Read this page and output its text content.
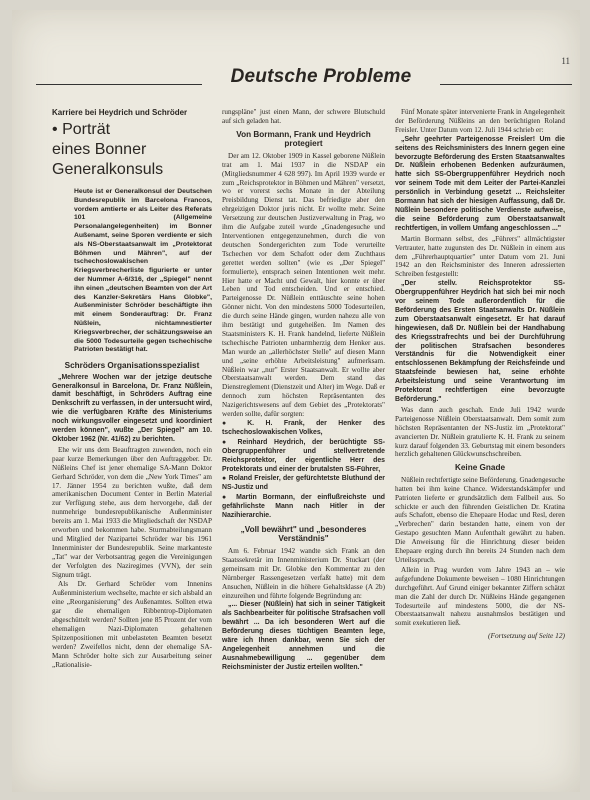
11
Deutsche Probleme
Karriere bei Heydrich und Schröder
• Porträt
eines Bonner
Generalkonsuls
Heute ist er Generalkonsul der Deutschen Bundesrepublik im Barcelona Francos, vordem amtierte er als Leiter des Referats 101 (Allgemeine Personalangelegenheiten) im Bonner Außenamt, seine Sporen verdiente er sich als NS-Oberstaatsanwalt im „Protektorat Böhmen und Mähren", auf der tschechoslowakischen Kriegsverbrecherliste figurierte er unter der Nummer A-6/316, der „Spiegel" nennt ihn einen „deutschen Beamten von der Art des Kanzler-Sekretärs Hans Globke", Außenminister Schröder beschäftigte ihn mit einem Sonderauftrag: Dr. Franz Nüßlein, nichtamnestierter Kriegsverbrecher, der schätzungsweise an die 5000 Todesurteile gegen tschechische Patrioten bestätigt hat.
Schröders Organisationsspezialist

„Mehrere Wochen war der jetzige deutsche Generalkonsul in Barcelona, Dr. Franz Nüßlein, damit beschäftigt, in Schröders Auftrag eine Denkschrift zu verfassen, in der untersucht wird, wie die verfügbaren Kräfte des Ministeriums noch wirkungsvoller eingesetzt und koordiniert werden können", wußte „Der Spiegel" am 10. Oktober 1962 (Nr. 41/62) zu berichten.

Ehe wir uns dem Beauftragten zuwenden, noch ein paar kurze Bemerkungen über den Auftraggeber. Dr. Nüßleins Chef ist jener ehemalige SA-Mann Doktor Gerhard Schröder, von dem die „New York Times" am 17. Jänner 1954 zu berichten wußte, daß dem amerikanischen Document Center in Berlin Material zur Verfügung stehe, aus dem hervorgehe, daß der nunmehrige bundesrepublikanische Außenminister bereits am 1. Mai 1933 die Mitgliedschaft der NSDAP erworben und bekommen habe. Sturmabteilungsmann und Mitglied der Nazipartei Schröder war bis 1961 Innenminister der Bundesrepublik. Seine markanteste „Tat" war der Verbotsantrag gegen die Vereinigungen der Verfolgten des Naziregimes (VVN), der sein Signum trägt.

Als Dr. Gerhard Schröder vom Innenins Außenministerium wechselte, machte er sich alsbald an eine „Reorganisierung" des Außenamtes. Sollten etwa gar die ehemaligen Ribbentrop-Diplomaten abgeschüttelt werden? Sollten jene 85 Prozent der vom ehemaligen Nazi-Diplomaten gehaltenen Spitzenpositionen mit unbelasteten Beamten besetzt werden? Zweifellos nicht, denn der ehemalige SA-Mann Schröder holte sich zur Ausarbeitung seiner „Rationalisie-

rungspläne" just einen Mann, der schwere Blutschuld auf sich geladen hat.

Von Bormann, Frank und Heydrich protegiert

Der am 12. Oktober 1909 in Kassel geborene Nüßlein trat am 1. Mai 1937 in die NSDAP ein (Mitgliedsnummer 4 628 997). Im April 1939 wurde er zum „Reichsprotektor in Böhmen und Mähren" versetzt, wo er vorerst sechs Monate in der Abteilung Preisbildung Dienst tat. Das befriedigte aber den ehrgeizigen Doktor juris nicht. Er wollte mehr. Seine Versetzung zur deutschen Justizverwaltung in Prag, wo ihm die Aufgabe zuteil wurde „Gnadengesuche und Interventionen entgegenzunehmen, durch die von deutschen Sondergerichten zum Tode verurteilte Tschechen vor dem Schafott oder dem Zuchthaus gerettet werden sollten" (wie es „Der Spiegel" formulierte), entsprach seinen Intentionen weit mehr. Hier hatte er Macht und Gewalt, hier konnte er über Leben und Tod entscheiden. Und er entschied. Parteigenosse Dr. Nüßlein enttäuschte seine hohen Gönner nicht. Von den mindestens 5000 Todesurteilen, die durch seine Hände gingen, wurden nahezu alle von ihm bestätigt und gutgeheißen. Im Namen des Staatsministers K. H. Frank handelnd, lieferte Nüßlein tschechische Patrioten unbarmherzig dem Henker aus. Man wurde an „allerhöchster Stelle" auf diesen Mann und „seine erhöhte Arbeitsleistung" aufmerksam. Nüßlein war „nur" Erster Staatsanwalt. Er wollte aber Oberstaatsanwalt werden. Dem stand das Dienstreglement (Dienstzeit und Alter) im Wege. Daß er dennoch zum höchsten Repräsentanten des Nazigerichtswesens auf dem Gebiet des „Protektorats" werden sollte, dafür sorgten:

● K. H. Frank, der Henker des tschechoslowakischen Volkes,

● Reinhard Heydrich, der berüchtigte SS-Obergruppenführer und stellvertretende Reichsprotektor, der eigentliche Herr des Protektorats und einer der brutalsten SS-Führer,

● Roland Freisler, der gefürchtetste Bluthund der NS-Justiz und

● Martin Bormann, der einflußreichste und gefährlichste Mann nach Hitler in der Nazihierarchie.

„Voll bewährt" und „besonderes Verständnis"

Am 6. Februar 1942 wandte sich Frank an den Staatssekretär im Innenministerium Dr. Stuckart (der gemeinsam mit Dr. Globke den Kommentar zu den Nürnberger Rassengesetzen verfaßt hatte) mit dem Ansuchen, Nüßlein in die höhere Gehaltsklasse (A 2b) einzureihen und führte folgende Begründung an:

„... Dieser (Nüßlein) hat sich in seiner Tätigkeit als Sachbearbeiter für politische Strafsachen voll bewährt ... Da ich besonderen Wert auf die Beförderung dieses tüchtigen Beamten lege, wäre ich Ihnen dankbar, wenn Sie sich der Angelegenheit annehmen und die Ausnahmebewilligung ... gegenüber dem Reichsminister der Justiz erteilen wollten."

Fünf Monate später intervenierte Frank in Angelegenheit der Beförderung Nüßleins an den berüchtigten Roland Freisler. Unter Datum vom 12. Juli 1944 schrieb er:

„Sehr geehrter Parteigenosse Freisler! Um die seitens des Reichsministers des Innern gegen eine bevorzugte Beförderung des Ersten Staatsanwaltes Dr. Nüßlein erhobenen Bedenken aufzuräumen, hatte sich SS-Obergruppenführer Heydrich noch vor seinem Tode mit dem Leiter der Partei-Kanzlei persönlich in Verbindung gesetzt ... Reichsleiter Bormann hat sich der hiesigen Auffassung, daß Dr. Nüßlein besondere politische Verdienste aufweise, die seine Beförderung zum Oberstaatsanwalt rechtfertigen, in vollem Umfang angeschlossen ..."

Martin Bormann selbst, des „Führers" allmächtigster Vertrauter, hatte zugunsten des Dr. Nüßlein in einem aus dem „Führerhauptquartier" unter Datum vom 21. Juni 1942 an den Reichsminister des Inneren adressierten Schreiben festgestellt:

„Der stellv. Reichsprotektor SS-Obergruppenführer Heydrich hat sich bei mir noch vor seinem Tode außerordentlich für die Beförderung des Ersten Staatsanwalts Dr. Nüßlein zum Oberstaatsanwalt eingesetzt. Er hat darauf hingewiesen, daß Dr. Nüßlein bei der Handhabung des Kriegsstrafrechts und bei der Durchführung der politischen Strafsachen besonderes Verständnis für die Notwendigkeit einer entschlossenen Bekämpfung der Reichsfeinde und Staatsfeinde bewiesen hat, seine erhöhte Arbeitsleistung und seine Verantwortung im Protektorat rechtfertigen eine bevorzugte Beförderung."

Was dann auch geschah. Ende Juli 1942 wurde Parteigenosse Nüßlein Oberstaatsanwalt. Dem somit zum höchsten Repräsentanten der NS-Justiz im „Protektorat" avancierten Dr. Nüßlein gratulierte K. H. Frank zu seinem kurz darauf folgenden 33. Geburtstag mit einem besonders herzlich gehaltenen Glückwunschschreiben.

Keine Gnade

Nüßlein rechtfertigte seine Beförderung. Gnadengesuche hatten bei ihm keine Chance. Widerstandskämpfer und Patrioten lieferte er grundsätzlich dem Fallbeil aus. So schickte er auch den führenden Geistlichen Dr. Kratina aufs Schafott, ebenso die Ehepaare Hodac und Resl, deren „Verbrechen" darin bestanden hatte, einem von der Gestapo gesuchten Mann Aufenthalt gewährt zu haben. Die Anweisung für die Hinrichtung dieser beiden Ehepaare erging durch ihn bereits 24 Stunden nach dem Urteilsspruch.

Allein in Prag wurden vom Jahre 1943 an – wie aufgefundene Dokumente beweisen – 1080 Hinrichtungen durchgeführt. Auf Grund einiger bekannter Ziffern schätzt man die Zahl der durch Dr. Nüßleins Hände gegangenen Todesurteile auf mindestens 5000, die der NS-Oberstaatsanwalt nahezu ausnahmslos bestätigen und somit exekutieren ließ.

(Fortsetzung auf Seite 12)
